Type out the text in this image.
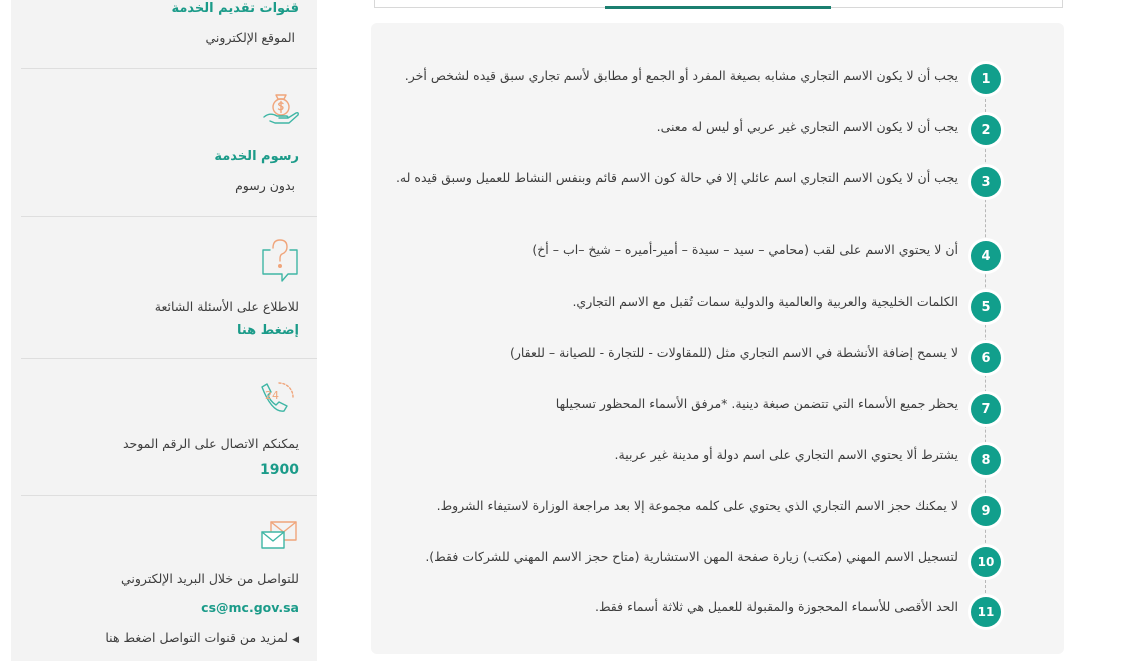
قنوات تقديم الخدمة
الموقع الإلكتروني
رسوم الخدمة
بدون رسوم
للاطلاع على الأسئلة الشائعة
إضغط هنا
24
يمكنكم الاتصال على الرقم الموحد
1900
للتواصل من خلال البريد الإلكتروني
cs@mc.gov.sa
◀ لمزيد من قنوات التواصل اضغط هنا
1
يجب أن لا يكون الاسم التجاري مشابه بصيغة المفرد أو الجمع أو مطابق لأسم تجاري سبق قيده لشخص أخر.
2
يجب أن لا يكون الاسم التجاري غير عربي أو ليس له معنى.
3
يجب أن لا يكون الاسم التجاري اسم عائلي إلا في حالة كون الاسم قائم وبنفس النشاط للعميل وسبق قيده له.
4
أن لا يحتوي الاسم على لقب (محامي – سيد – سيدة – أمير-أميره – شيخ –اب – أخ)
5
الكلمات الخليجية والعربية والعالمية والدولية سمات تُقبل مع الاسم التجاري.
6
لا يسمح إضافة الأنشطة في الاسم التجاري مثل (للمقاولات - للتجارة - للصيانة – للعقار)
7
يحظر جميع الأسماء التي تتضمن صبغة دينية. *مرفق الأسماء المحظور تسجيلها
8
يشترط ألا يحتوي الاسم التجاري على اسم دولة أو مدينة غير عربية.
9
لا يمكنك حجز الاسم التجاري الذي يحتوي على كلمه مجموعة إلا بعد مراجعة الوزارة لاستيفاء الشروط.
10
لتسجيل الاسم المهني (مكتب) زيارة صفحة المهن الاستشارية (متاح حجز الاسم المهني للشركات فقط).
11
الحد الأقصى للأسماء المحجوزة والمقبولة للعميل هي ثلاثة أسماء فقط.
